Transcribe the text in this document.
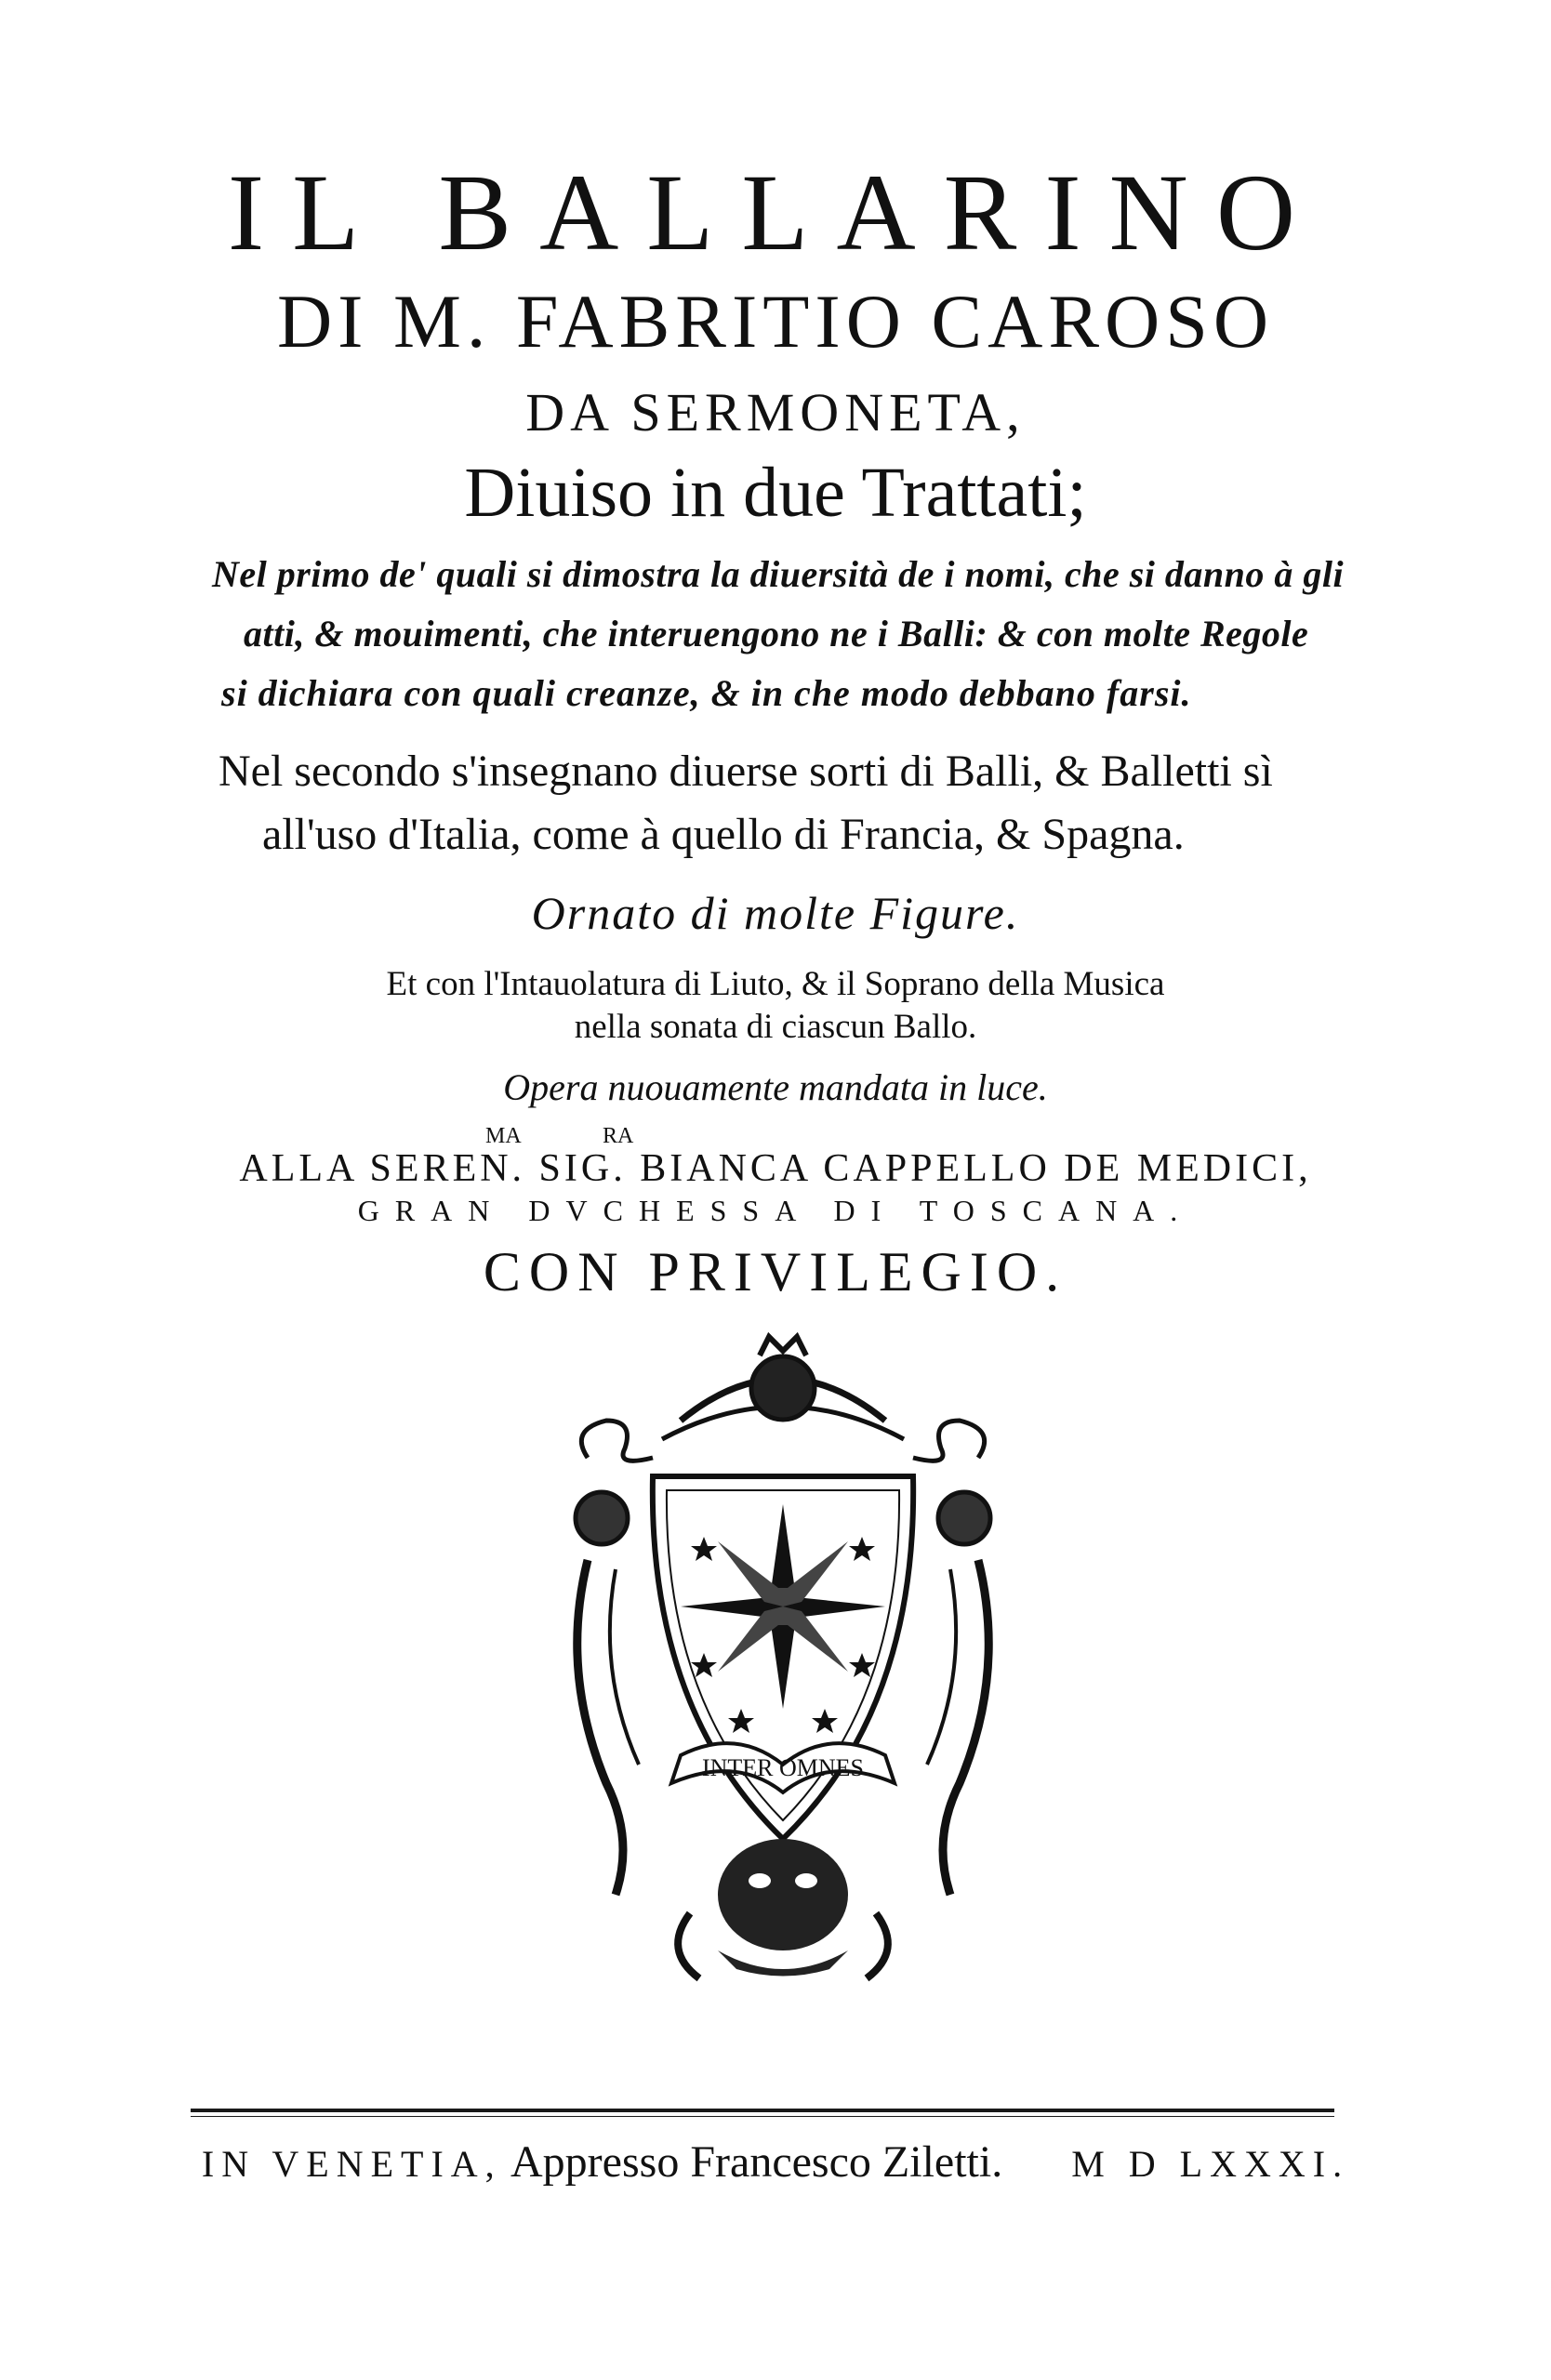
IL BALLARINO
DI M. FABRITIO CAROSO
DA SERMONETA,
Diuiso in due Trattati;
Nel primo de' quali si dimostra la diuersità de i nomi, che si danno à gli
atti, & mouimenti, che interuengono ne i Balli: & con molte Regole
si dichiara con quali creanze, & in che modo debbano farsi.
Nel secondo s'insegnano diuerse sorti di Balli, & Balletti sì
all'uso d'Italia, come à quello di Francia, & Spagna.
Ornato di molte Figure.
Et con l'Intauolatura di Liuto, & il Soprano della Musica
nella sonata di ciascun Ballo.
Opera nuouamente mandata in luce.
MA	RA
ALLA SEREN. SIG. BIANCA CAPPELLO DE MEDICI,
GRAN DVCHESSA DI TOSCANA.
CON PRIVILEGIO.
INTER OMNES
IN VENETIA, Appresso Francesco Ziletti. M D LXXXI.
